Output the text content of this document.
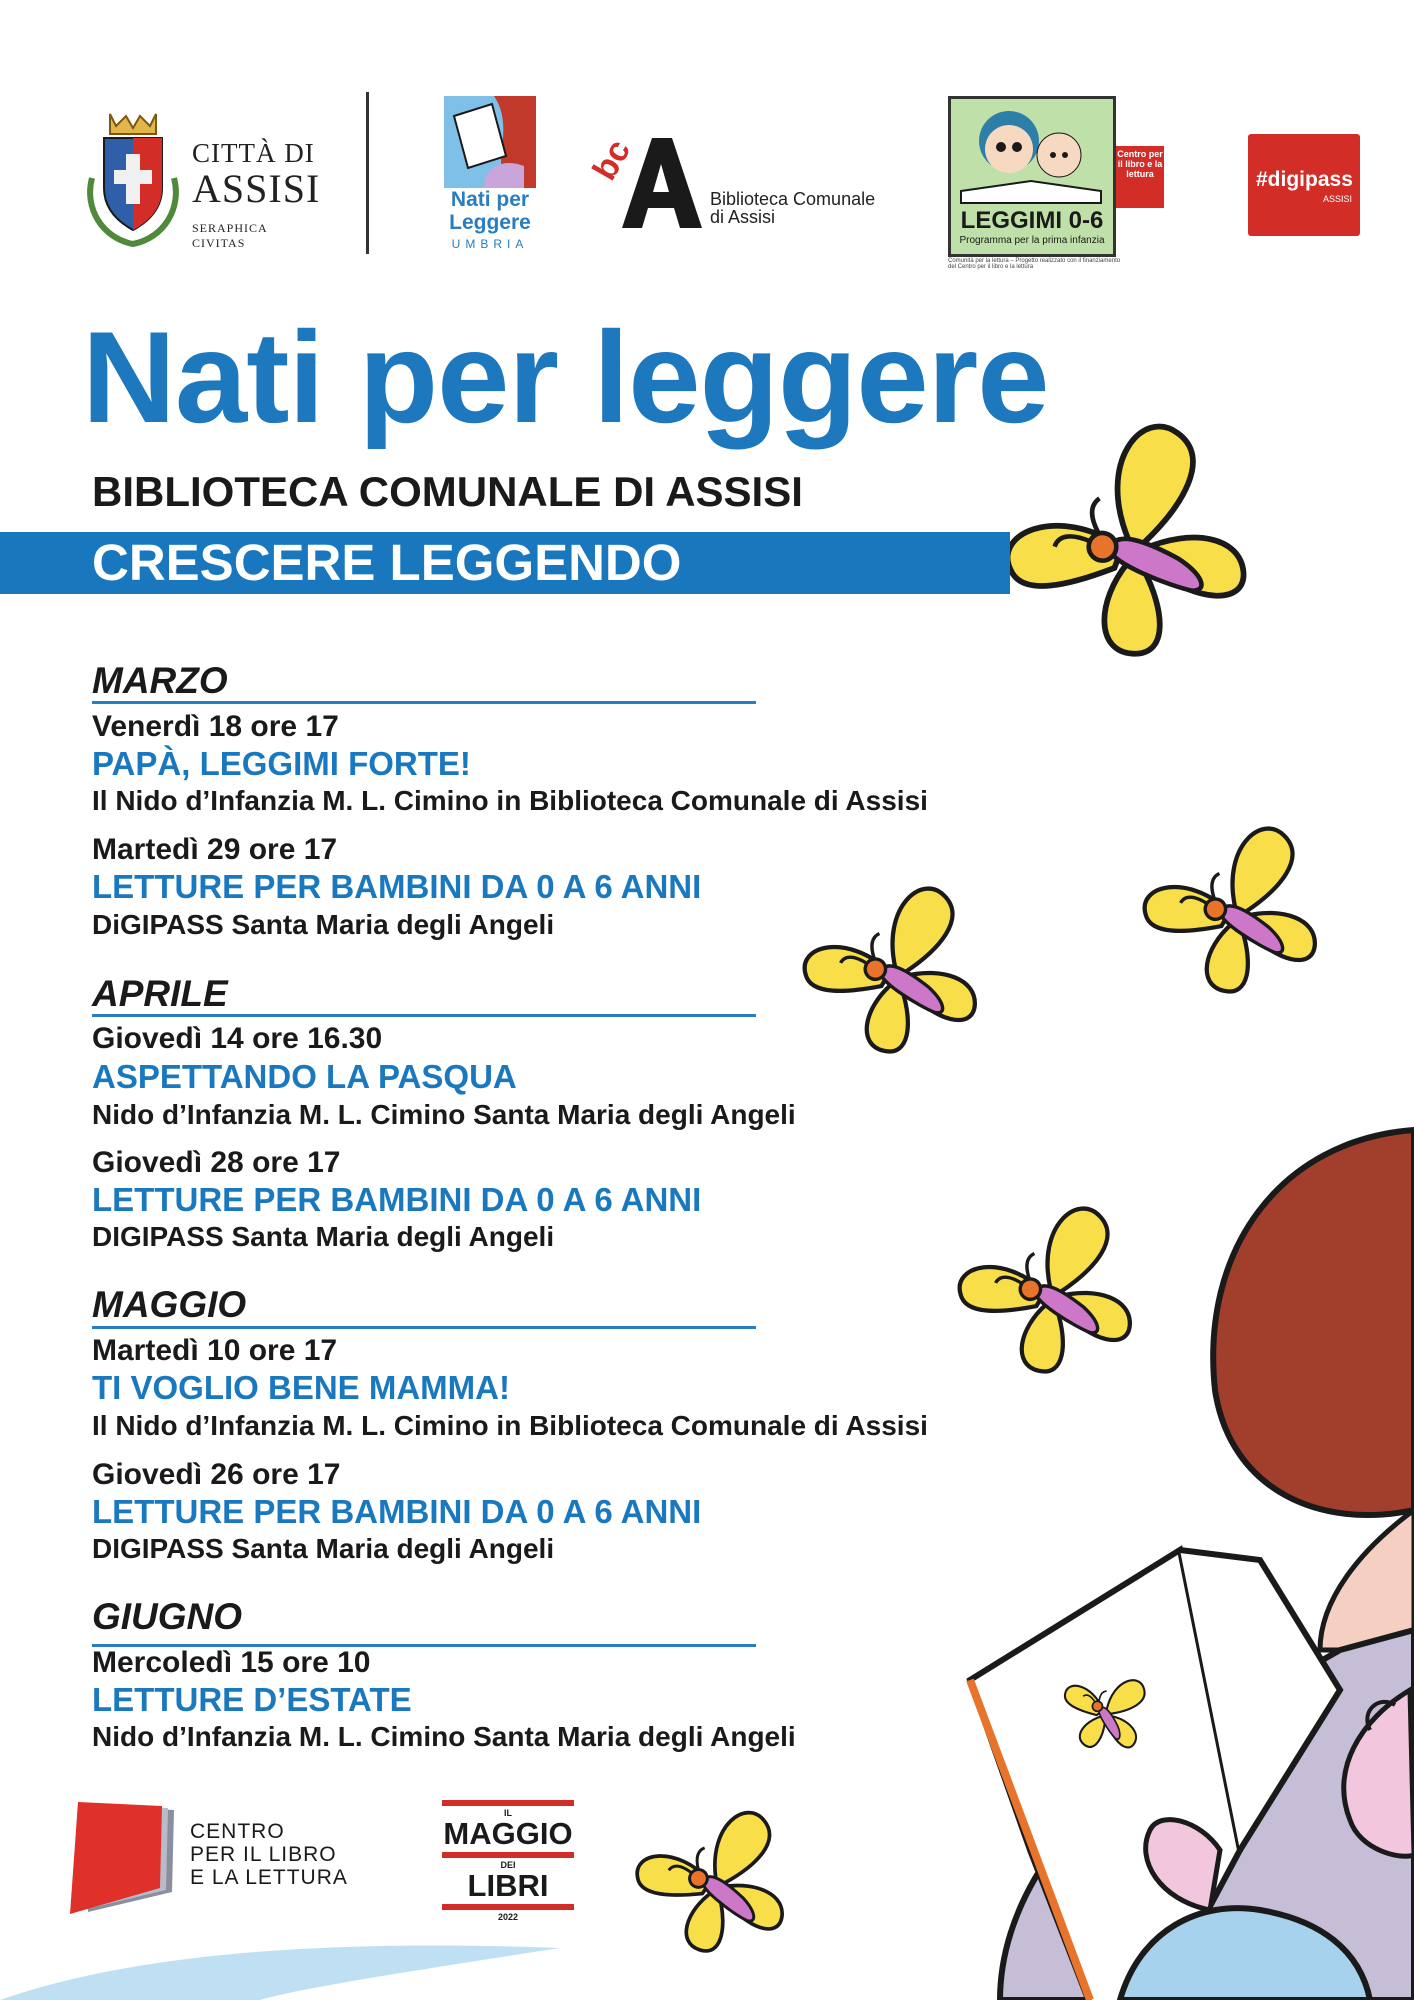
CITTÀ DI
ASSISI
SERAPHICA CIVITAS
Nati per
Leggere
UMBRIA
bc
Biblioteca Comunale
di Assisi	LEGGIMI 0-6
Programma per la prima infanzia
Centro per il libro e la lettura
Comunità per la lettura – Progetto realizzato con il finanziamento del Centro per il libro e la lettura
#digipass
ASSISI
Nati per leggere
BIBLIOTECA COMUNALE DI ASSISI
CRESCERE LEGGENDO
MARZO
Venerdì 18 ore 17
PAPÀ, LEGGIMI FORTE!
Il Nido d’Infanzia M. L. Cimino in Biblioteca Comunale di Assisi
Martedì 29 ore 17
LETTURE PER BAMBINI DA 0 A 6 ANNI
DiGIPASS Santa Maria degli Angeli
APRILE
Giovedì 14 ore 16.30
ASPETTANDO LA PASQUA
Nido d’Infanzia M. L. Cimino Santa Maria degli Angeli
Giovedì 28 ore 17
LETTURE PER BAMBINI DA 0 A 6 ANNI
DIGIPASS Santa Maria degli Angeli
MAGGIO
Martedì 10 ore 17
TI VOGLIO BENE MAMMA!
Il Nido d’Infanzia M. L. Cimino in Biblioteca Comunale di Assisi
Giovedì 26 ore 17
LETTURE PER BAMBINI DA 0 A 6 ANNI
DIGIPASS Santa Maria degli Angeli
GIUGNO
Mercoledì 15 ore 10
LETTURE D’ESTATE
Nido d’Infanzia M. L. Cimino Santa Maria degli Angeli
CENTRO
PER IL LIBRO
E LA LETTURA
IL
MAGGIO
DEI
LIBRI
2022
